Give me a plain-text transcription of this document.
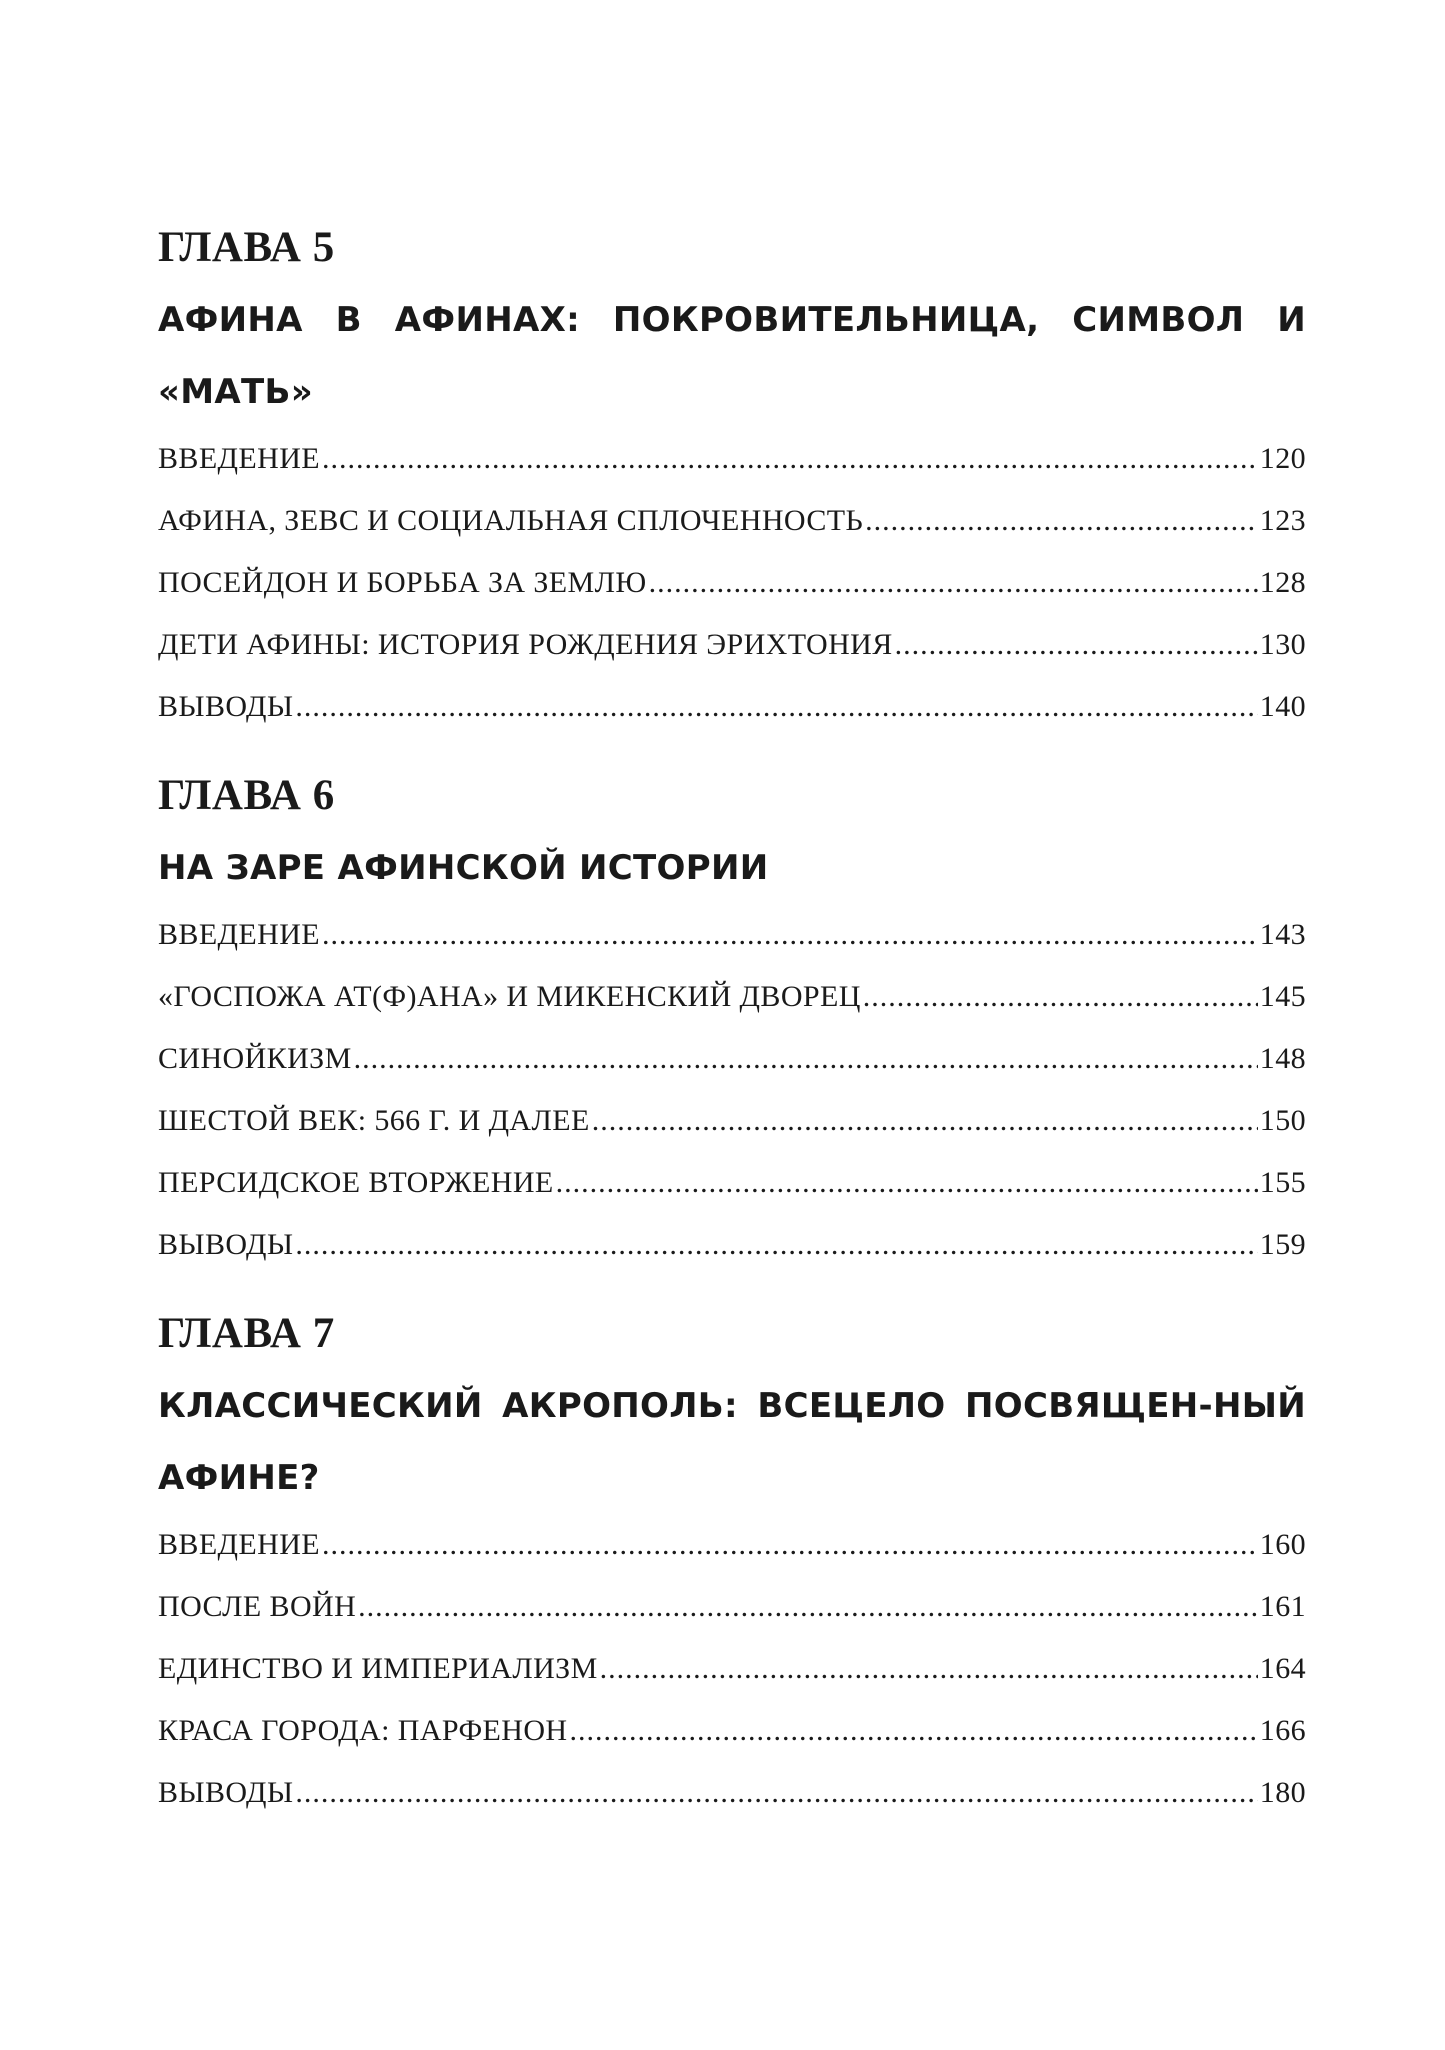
ГЛАВА 5
АФИНА В АФИНАХ: ПОКРОВИТЕЛЬНИЦА, СИМВОЛ И «МАТЬ»
ВВЕДЕНИЕ .....	120
АФИНА, ЗЕВС И СОЦИАЛЬНАЯ СПЛОЧЕННОСТЬ .....	123
ПОСЕЙДОН И БОРЬБА ЗА ЗЕМЛЮ .....	128
ДЕТИ АФИНЫ: ИСТОРИЯ РОЖДЕНИЯ ЭРИХТОНИЯ .....	130
ВЫВОДЫ .....	140
ГЛАВА 6
НА ЗАРЕ АФИНСКОЙ ИСТОРИИ
ВВЕДЕНИЕ .....	143
«ГОСПОЖА АТ(Ф)АНА» И МИКЕНСКИЙ ДВОРЕЦ .....	145
СИНОЙКИЗМ .....	148
ШЕСТОЙ ВЕК: 566 Г. И ДАЛЕЕ .....	150
ПЕРСИДСКОЕ ВТОРЖЕНИЕ .....	155
ВЫВОДЫ .....	159
ГЛАВА 7
КЛАССИЧЕСКИЙ АКРОПОЛЬ: ВСЕЦЕЛО ПОСВЯЩЕН-НЫЙ АФИНЕ?
ВВЕДЕНИЕ .....	160
ПОСЛЕ ВОЙН .....	161
ЕДИНСТВО И ИМПЕРИАЛИЗМ .....	164
КРАСА ГОРОДА: ПАРФЕНОН .....	166
ВЫВОДЫ .....	180
